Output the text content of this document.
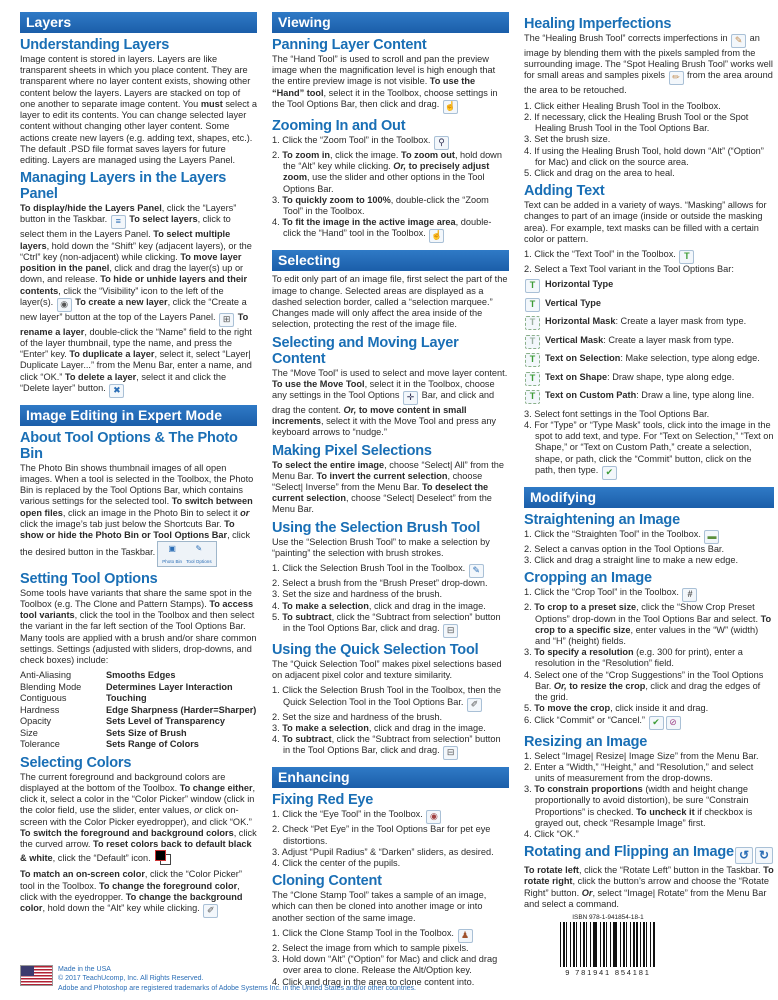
Layers
Understanding Layers
Image content is stored in layers. Layers are like transparent sheets in which you place content. They are transparent where no layer content exists, showing other content below the layers. Layers are stacked on top of one another to separate image content. You must select a layer to edit its contents. You can change selected layer content without changing other layer content. Some actions create new layers (e.g. adding text, shapes, etc.). The default .PSD file format saves layers for future editing. Layers are managed using the Layers Panel.
Managing Layers in the Layers Panel
To display/hide the Layers Panel, click the “Layers” button in the Taskbar. ≡ To select layers, click to select them in the Layers Panel. To select multiple layers, hold down the “Shift” key (adjacent layers), or the “Ctrl” key (non-adjacent) while clicking. To move layer position in the panel, click and drag the layer(s) up or down, and release. To hide or unhide layers and their contents, click the “Visibility” icon to the left of the layer(s). ◉ To create a new layer, click the “Create a new layer” button at the top of the Layers Panel. ⊞ To rename a layer, double-click the “Name” field to the right of the layer thumbnail, type the name, and press the “Enter” key. To duplicate a layer, select it, select “Layer| Duplicate Layer...” from the Menu Bar, enter a name, and click “OK.” To delete a layer, select it and click the “Delete layer” button. ✖
Image Editing in Expert Mode
About Tool Options & The Photo Bin
The Photo Bin shows thumbnail images of all open images. When a tool is selected in the Toolbox, the Photo Bin is replaced by the Tool Options Bar, which contains various settings for the selected tool. To switch between open files, click an image in the Photo Bin to select it or click the image’s tab just below the Shortcuts Bar. To show or hide the Photo Bin or Tool Options Bar, click the desired button in the Taskbar. ▣
Photo Bin✎
Tool Options
Setting Tool Options
Some tools have variants that share the same spot in the Toolbox (e.g. The Clone and Pattern Stamps). To access tool variants, click the tool in the Toolbox and then select the variant in the far left section of the Tool Options Bar. Many tools are applied with a brush and/or share common settings. Settings (adjusted with sliders, drop-downs, and check boxes) include:
Anti-Aliasing	Smooths Edges
Blending Mode	Determines Layer Interaction
Contiguous	Touching
Hardness	Edge Sharpness (Harder=Sharper)
Opacity	Sets Level of Transparency
Size	Sets Size of Brush
Tolerance	Sets Range of Colors
Selecting Colors
The current foreground and background colors are displayed at the bottom of the Toolbox. To change either, click it, select a color in the “Color Picker” window (click in the color field, use the slider, enter values, or click on-screen with the Color Picker eyedropper), and click “OK.” To switch the foreground and background colors, click the curved arrow. To reset colors back to default black & white, click the “Default” icon.
To match an on-screen color, click the “Color Picker” tool in the Toolbox. To change the foreground color, click with the eyedropper. To change the background color, hold down the “Alt” key while clicking. ✐
Viewing
Panning Layer Content
The “Hand Tool” is used to scroll and pan the preview image when the magnification level is high enough that the entire preview image is not visible. To use the “Hand” tool, select it in the Toolbox, choose settings in the Tool Options Bar, then click and drag. ☝
Zooming In and Out
1. Click the “Zoom Tool” in the Toolbox. ⚲
2. To zoom in, click the image. To zoom out, hold down the “Alt” key while clicking. Or, to precisely adjust zoom, use the slider and other options in the Tool Options Bar.
3. To quickly zoom to 100%, double-click the “Zoom Tool” in the Toolbox.
4. To fit the image in the active image area, double-click the “Hand” tool in the Toolbox. ☝
Selecting
To edit only part of an image file, first select the part of the image to change. Selected areas are displayed as a dashed selection border, called a “selection marquee.” Changes made will only affect the area inside of the selection, protecting the rest of the image file.
Selecting and Moving Layer Content
The “Move Tool” is used to select and move layer content. To use the Move Tool, select it in the Toolbox, choose any settings in the Tool Options ✛ Bar, and click and drag the content. Or, to move content in small increments, select it with the Move Tool and press any keyboard arrows to “nudge.”
Making Pixel Selections
To select the entire image, choose “Select| All” from the Menu Bar. To invert the current selection, choose “Select| Inverse” from the Menu Bar. To deselect the current selection, choose “Select| Deselect” from the Menu Bar.
Using the Selection Brush Tool
Use the “Selection Brush Tool” to make a selection by “painting” the selection with brush strokes.
1. Click the Selection Brush Tool in the Toolbox. ✎
2. Select a brush from the “Brush Preset” drop-down.
3. Set the size and hardness of the brush.
4. To make a selection, click and drag in the image.
5. To subtract, click the “Subtract from selection” button in the Tool Options Bar, click and drag. ⊟
Using the Quick Selection Tool
The “Quick Selection Tool” makes pixel selections based on adjacent pixel color and texture similarity.
1. Click the Selection Brush Tool in the Toolbox, then the Quick Selection Tool in the Tool Options Bar. ✐
2. Set the size and hardness of the brush.
3. To make a selection, click and drag in the image.
4. To subtract, click the “Subtract from selection” button in the Tool Options Bar, click and drag. ⊟
Enhancing
Fixing Red Eye
1. Click the “Eye Tool” in the Toolbox. ◉
2. Check “Pet Eye” in the Tool Options Bar for pet eye distortions.
3. Adjust “Pupil Radius” & “Darken” sliders, as desired.
4. Click the center of the pupils.
Cloning Content
The “Clone Stamp Tool” takes a sample of an image, which can then be cloned into another image or into another section of the same image.
1. Click the Clone Stamp Tool in the Toolbox. ♟
2. Select the image from which to sample pixels.
3. Hold down “Alt” (“Option” for Mac) and click and drag over area to clone. Release the Alt/Option key.
4. Click and drag in the area to clone content into.
Healing Imperfections
The “Healing Brush Tool” corrects imperfections in ✎ an image by blending them with the pixels sampled from the surrounding image. The “Spot Healing Brush Tool” works well for small areas and samples pixels ✏ from the area around the area to be retouched.
1. Click either Healing Brush Tool in the Toolbox.
2. If necessary, click the Healing Brush Tool or the Spot Healing Brush Tool in the Tool Options Bar.
3. Set the brush size.
4. If using the Healing Brush Tool, hold down “Alt” (“Option” for Mac) and click on the source area.
5. Click and drag on the area to heal.
Adding Text
Text can be added in a variety of ways. “Masking” allows for changes to part of an image (inside or outside the masking area). For example, text masks can be filled with a certain color or pattern.
1. Click the “Text Tool” in the Toolbox. T
2. Select a Text Tool variant in the Tool Options Bar:
T	Horizontal Type
T	Vertical Type
T	Horizontal Mask: Create a layer mask from type.
T	Vertical Mask: Create a layer mask from type.
T	Text on Selection: Make selection, type along edge.
T	Text on Shape: Draw shape, type along edge.
T	Text on Custom Path: Draw a line, type along line.
3. Select font settings in the Tool Options Bar.
4. For “Type” or “Type Mask” tools, click into the image in the spot to add text, and type. For “Text on Selection,” “Text on Shape,” or “Text on Custom Path,” create a selection, shape, or path, click the “Commit” button, click on the path, then type. ✔
Modifying
Straightening an Image
1. Click the “Straighten Tool” in the Toolbox. ▬
2. Select a canvas option in the Tool Options Bar.
3. Click and drag a straight line to make a new edge.
Cropping an Image
1. Click the “Crop Tool” in the Toolbox. #
2. To crop to a preset size, click the “Show Crop Preset Options” drop-down in the Tool Options Bar and select. To crop to a specific size, enter values in the “W” (width) and “H” (height) fields.
3. To specify a resolution (e.g. 300 for print), enter a resolution in the “Resolution” field.
4. Select one of the “Crop Suggestions” in the Tool Options Bar. Or, to resize the crop, click and drag the edges of the grid.
5. To move the crop, click inside it and drag.
6. Click “Commit” or “Cancel.” ✔ ⊘
Resizing an Image
1. Select “Image| Resize| Image Size” from the Menu Bar.
2. Enter a “Width,” “Height,” and “Resolution,” and select units of measurement from the drop-downs.
3. To constrain proportions (width and height change proportionally to avoid distortion), be sure “Constrain Proportions” is checked. To uncheck it if checkbox is grayed out, check “Resample Image” first.
4. Click “OK.”
Rotating and Flipping an Image ↺ ↻
To rotate left, click the “Rotate Left” button in the Taskbar. To rotate right, click the button’s arrow and choose the “Rotate Right” button. Or, select “Image| Rotate” from the Menu Bar and select a command.
ISBN 978-1-941854-18-1
9 781941 854181
Made in the USA
© 2017 TeachUcomp, Inc. All Rights Reserved.
Adobe and Photoshop are registered trademarks of Adobe Systems Inc. in the United States and/or other countries.
